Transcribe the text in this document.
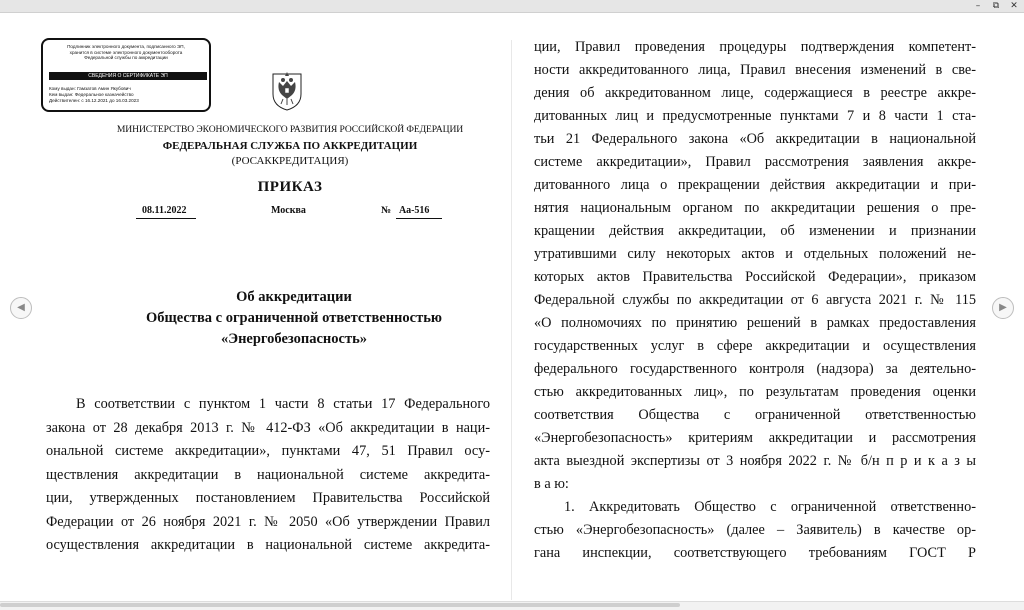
–	⧉	✕
◀	▶
Подлинник электронного документа, подписанного ЭП,
хранится в системе электронного документооборота
Федеральной службы по аккредитации
СВЕДЕНИЯ О СЕРТИФИКАТЕ ЭП
Кому выдан: Гамзатов Амин Якубович
Кем выдан: Федеральное казначейство
Действителен: с 16.12.2021 до 16.03.2023
МИНИСТЕРСТВО ЭКОНОМИЧЕСКОГО РАЗВИТИЯ РОССИЙСКОЙ ФЕДЕРАЦИИ
ФЕДЕРАЛЬНАЯ СЛУЖБА ПО АККРЕДИТАЦИИ
(РОСАККРЕДИТАЦИЯ)
ПРИКАЗ
08.11.2022	Москва	№ Аа-516
Об аккредитации
Общества с ограниченной ответственностью
«Энергобезопасность»
В соответствии с пунктом 1 части 8 статьи 17 Федерального
закона от 28 декабря 2013 г. № 412-ФЗ «Об аккредитации в наци-
ональной системе аккредитации», пунктами 47, 51 Правил осу-
ществления аккредитации в национальной системе аккредита-
ции, утвержденных постановлением Правительства Российской
Федерации от 26 ноября 2021 г. № 2050 «Об утверждении Правил
осуществления аккредитации в национальной системе аккредита-
ции, Правил проведения процедуры подтверждения компетент-
ности аккредитованного лица, Правил внесения изменений в све-
дения об аккредитованном лице, содержащиеся в реестре аккре-
дитованных лиц и предусмотренные пунктами 7 и 8 части 1 ста-
тьи 21 Федерального закона «Об аккредитации в национальной
системе аккредитации», Правил рассмотрения заявления аккре-
дитованного лица о прекращении действия аккредитации и при-
нятия национальным органом по аккредитации решения о пре-
кращении действия аккредитации, об изменении и признании
утратившими силу некоторых актов и отдельных положений не-
которых актов Правительства Российской Федерации», приказом
Федеральной службы по аккредитации от 6 августа 2021 г. № 115
«О полномочиях по принятию решений в рамках предоставления
государственных услуг в сфере аккредитации и осуществления
федерального государственного контроля (надзора) за деятельно-
стью аккредитованных лиц», по результатам проведения оценки
соответствия Общества с ограниченной ответственностью
«Энергобезопасность» критериям аккредитации и рассмотрения
акта выездной экспертизы от 3 ноября 2022 г. № б/н п р и к а з ы
в а ю:
1. Аккредитовать Общество с ограниченной ответственно-
стью «Энергобезопасность» (далее – Заявитель) в качестве ор-
гана инспекции, соответствующего требованиям ГОСТ Р
